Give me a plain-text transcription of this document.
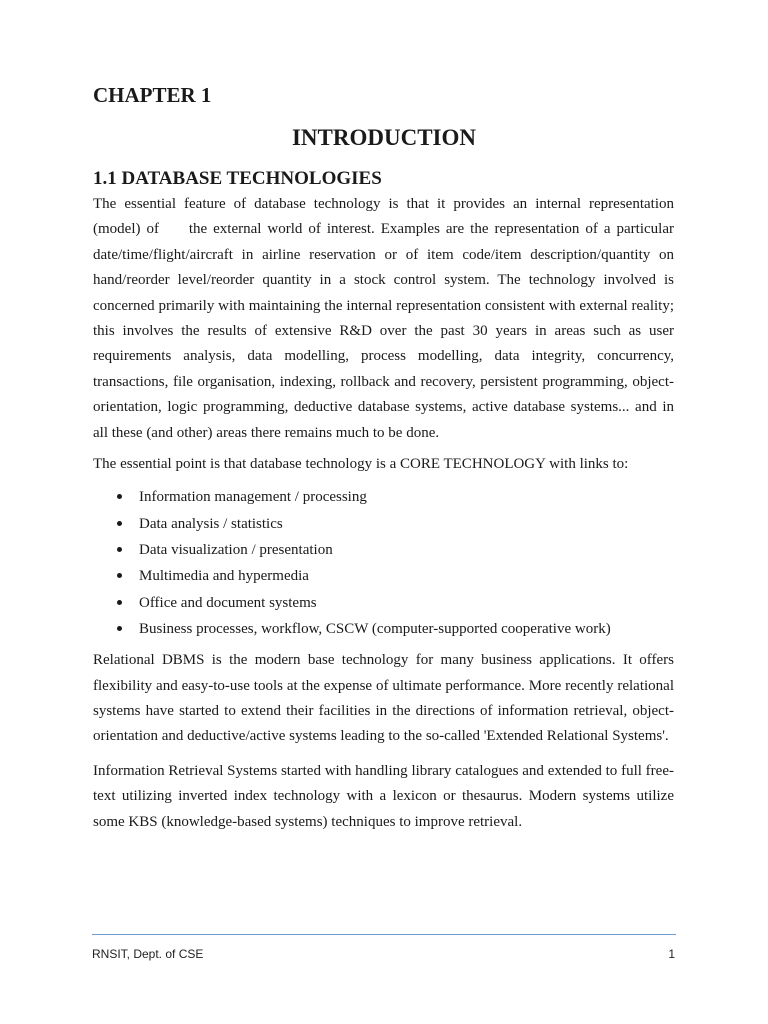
CHAPTER 1
INTRODUCTION
1.1 DATABASE TECHNOLOGIES

The essential feature of database technology is that it provides an internal representation (model) of     the external world of interest. Examples are the representation of a particular date/time/flight/aircraft in airline reservation or of item code/item description/quantity on hand/reorder level/reorder quantity in a stock control system. The technology involved is concerned primarily with maintaining the internal representation consistent with external reality; this involves the results of extensive R&D over the past 30 years in areas such as user requirements analysis, data modelling, process modelling, data integrity, concurrency, transactions, file organisation, indexing, rollback and recovery, persistent programming, object-orientation, logic programming, deductive database systems, active database systems... and in all these (and other) areas there remains much to be done.

The essential point is that database technology is a CORE TECHNOLOGY with links to:

Information management / processing
Data analysis / statistics
Data visualization / presentation
Multimedia and hypermedia
Office and document systems
Business processes, workflow, CSCW (computer-supported cooperative work)

Relational DBMS is the modern base technology for many business applications. It offers flexibility and easy-to-use tools at the expense of ultimate performance. More recently relational systems have started to extend their facilities in the directions of information retrieval, object-orientation and deductive/active systems leading to the so-called 'Extended Relational Systems'.

Information Retrieval Systems started with handling library catalogues and extended to full free-text utilizing inverted index technology with a lexicon or thesaurus. Modern systems utilize some KBS (knowledge-based systems) techniques to improve retrieval.

RNSIT, Dept. of CSE	1
